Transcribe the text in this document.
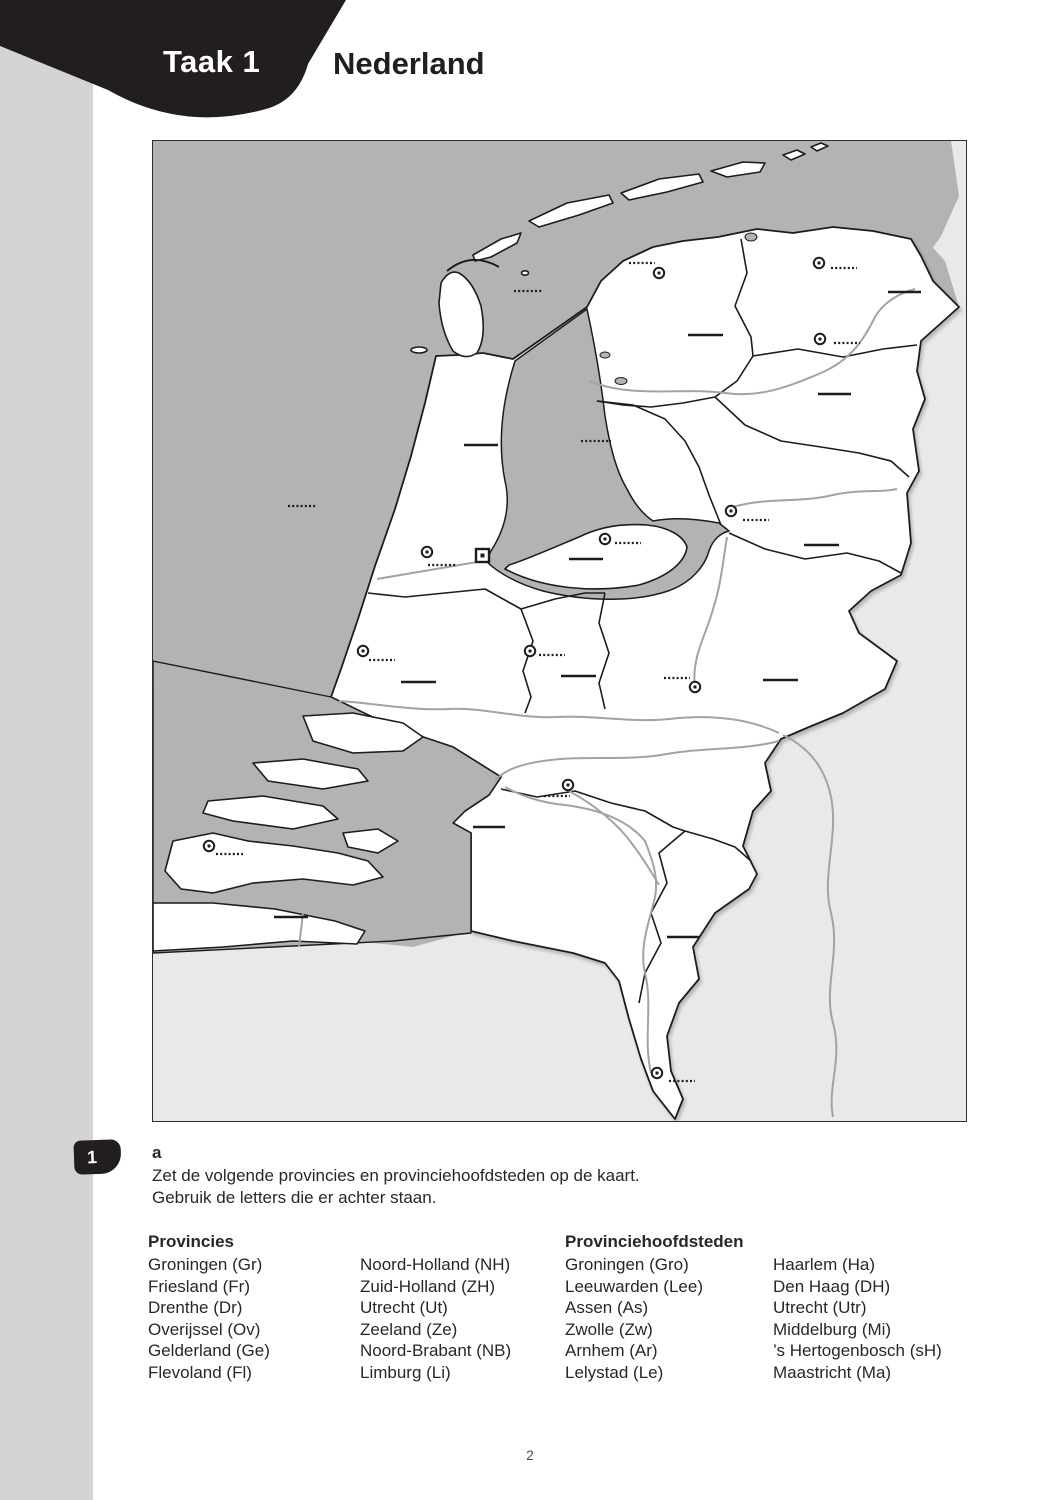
Taak 1 Nederland
1	a
Zet de volgende provincies en provinciehoofdsteden op de kaart.
Gebruik de letters die er achter staan.
Provincies	Provinciehoofdsteden
Groningen (Gr)
Friesland (Fr)
Drenthe (Dr)
Overijssel (Ov)
Gelderland (Ge)
Flevoland (Fl)
Noord-Holland (NH)
Zuid-Holland (ZH)
Utrecht (Ut)
Zeeland (Ze)
Noord-Brabant (NB)
Limburg (Li)
Groningen (Gro)
Leeuwarden (Lee)
Assen (As)
Zwolle (Zw)
Arnhem (Ar)
Lelystad (Le)
Haarlem (Ha)
Den Haag (DH)
Utrecht (Utr)
Middelburg (Mi)
’s Hertogenbosch (sH)
Maastricht (Ma)
2
